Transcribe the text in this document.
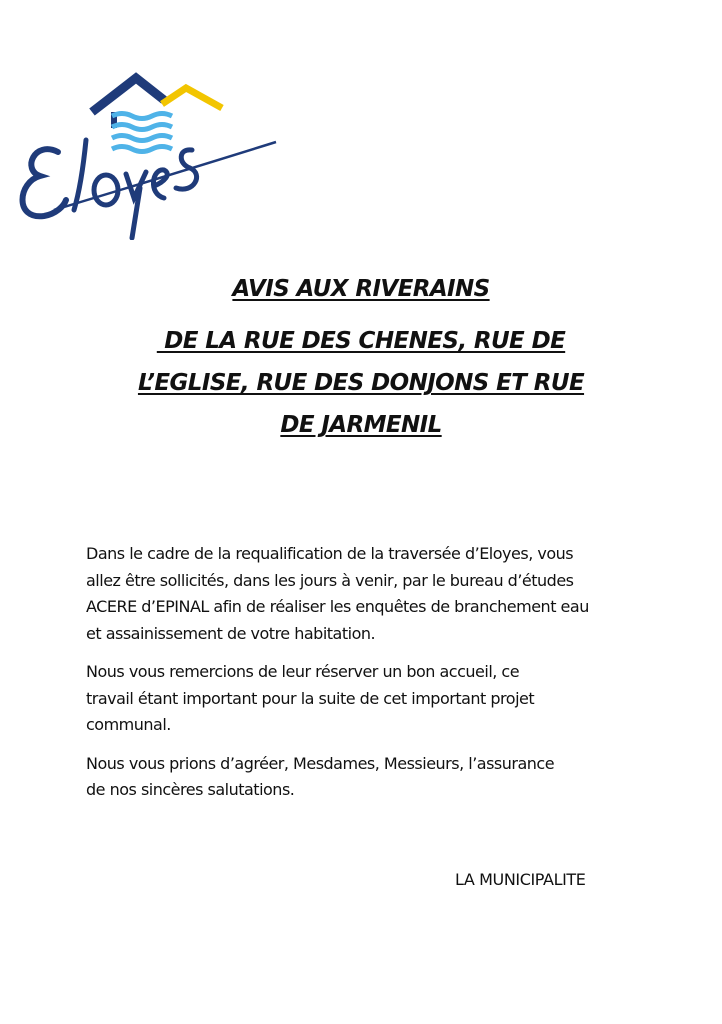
AVIS AUX RIVERAINS

DE LA RUE DES CHENES, RUE DE

L’EGLISE, RUE DES DONJONS ET RUE

DE JARMENIL

Dans le cadre de la requalification de la traversée d’Eloyes, vous
allez être sollicités, dans les jours à venir, par le bureau d’études
ACERE d’EPINAL afin de réaliser les enquêtes de branchement eau
et assainissement de votre habitation.

Nous vous remercions de leur réserver un bon accueil, ce
travail étant important pour la suite de cet important projet
communal.

Nous vous prions d’agréer, Mesdames, Messieurs, l’assurance
de nos sincères salutations.

LA MUNICIPALITE
